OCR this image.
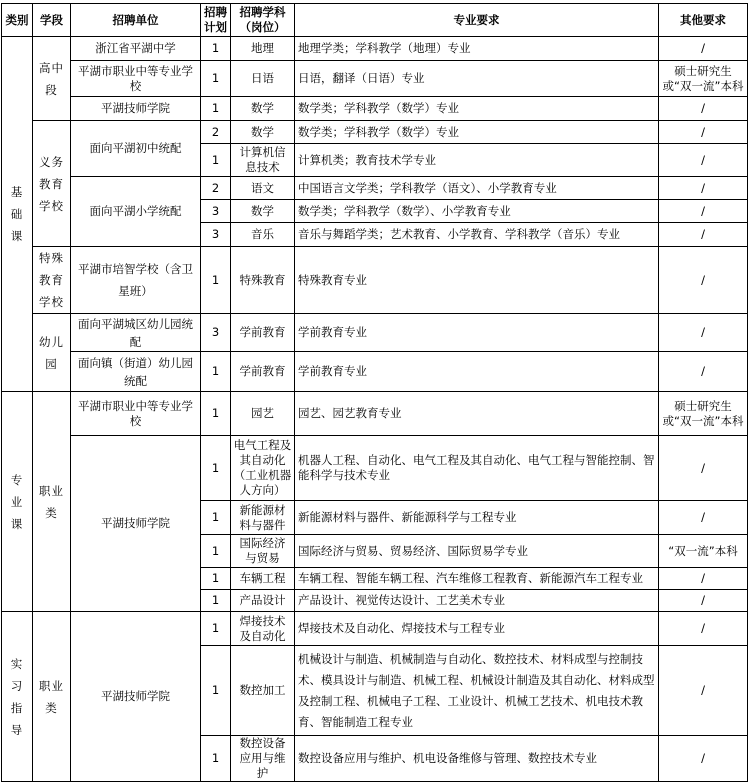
类别	学段	招聘单位	招聘计划	招聘学科（岗位）	专业要求	其他要求
基础课	高中段	浙江省平湖中学	1	地理	地理学类；学科教学（地理）专业	/
		平湖市职业中等专业学校	1	日语	日语，翻译（日语）专业	硕士研究生或“双一流”本科
		平湖技师学院	1	数学	数学类；学科教学（数学）专业	/
	义务教育学校	面向平湖初中统配	2	数学	数学类；学科教学（数学）专业	/
			1	计算机信息技术	计算机类；教育技术学专业	/
		面向平湖小学统配	2	语文	中国语言文学类；学科教学（语文）、小学教育专业	/
			3	数学	数学类；学科教学（数学）、小学教育专业	/
			3	音乐	音乐与舞蹈学类；艺术教育、小学教育、学科教学（音乐）专业	/
	特殊教育学校	平湖市培智学校（含卫星班）	1	特殊教育	特殊教育专业	/
	幼儿园	面向平湖城区幼儿园统配	3	学前教育	学前教育专业	/
		面向镇（街道）幼儿园统配	1	学前教育	学前教育专业	/
专业课	职业类	平湖市职业中等专业学校	1	园艺	园艺、园艺教育专业	硕士研究生或“双一流”本科
		平湖技师学院	1	电气工程及其自动化（工业机器人方向）	机器人工程、自动化、电气工程及其自动化、电气工程与智能控制、智能科学与技术专业	/
			1	新能源材料与器件	新能源材料与器件、新能源科学与工程专业	/
			1	国际经济与贸易	国际经济与贸易、贸易经济、国际贸易学专业	“双一流”本科
			1	车辆工程	车辆工程、智能车辆工程、汽车维修工程教育、新能源汽车工程专业	/
			1	产品设计	产品设计、视觉传达设计、工艺美术专业	/
实习指导	职业类	平湖技师学院	1	焊接技术及自动化	焊接技术及自动化、焊接技术与工程专业	/
			1	数控加工	机械设计与制造、机械制造与自动化、数控技术、材料成型与控制技术、模具设计与制造、机械工程、机械设计制造及其自动化、材料成型及控制工程、机械电子工程、工业设计、机械工艺技术、机电技术教育、智能制造工程专业	/
			1	数控设备应用与维护	数控设备应用与维护、机电设备维修与管理、数控技术专业	/
